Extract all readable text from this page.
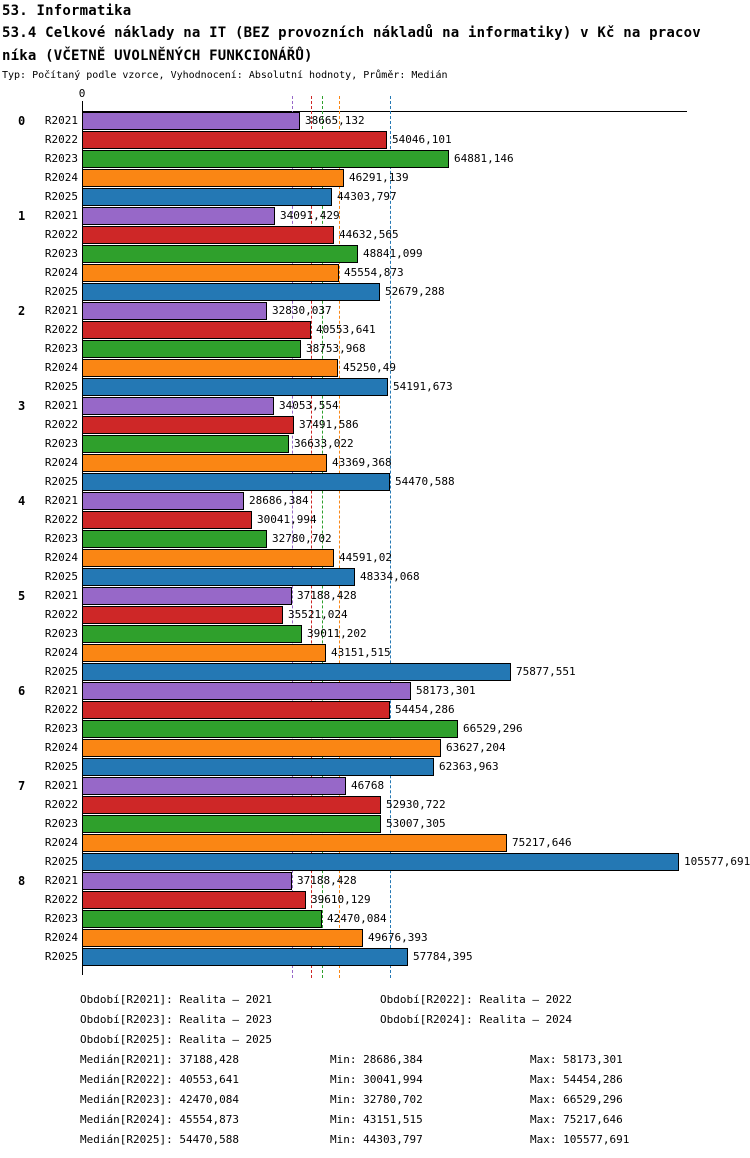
53. Informatika
53.4 Celkové náklady na IT (BEZ provozních nákladů na informatiky) v Kč na pracov
níka (VČETNĚ UVOLNĚNÝCH FUNKCIONÁŘŮ)
Typ: Počítaný podle vzorce, Vyhodnocení: Absolutní hodnoty, Průměr: Medián
0
0	R2021	38665,132
R2022	54046,101
R2023	64881,146
R2024	46291,139
R2025	44303,797
1	R2021	34091,429
R2022	44632,565
R2023	48841,099
R2024	45554,873
R2025	52679,288
2	R2021	32830,037
R2022	40553,641
R2023	38753,968
R2024	45250,49
R2025	54191,673
3	R2021	34053,554
R2022	37491,586
R2023	36633,022
R2024	43369,368
R2025	54470,588
4	R2021	28686,384
R2022	30041,994
R2023	32780,702
R2024	44591,02
R2025	48334,068
5	R2021	37188,428
R2022	35521,024
R2023	39011,202
R2024	43151,515
R2025	75877,551
6	R2021	58173,301
R2022	54454,286
R2023	66529,296
R2024	63627,204
R2025	62363,963
7	R2021	46768
R2022	52930,722
R2023	53007,305
R2024	75217,646
R2025	105577,691
8	R2021	37188,428
R2022	39610,129
R2023	42470,084
R2024	49676,393
R2025	57784,395
Období[R2021]: Realita – 2021	Období[R2022]: Realita – 2022
Období[R2023]: Realita – 2023	Období[R2024]: Realita – 2024
Období[R2025]: Realita – 2025
Medián[R2021]: 37188,428	Min: 28686,384	Max: 58173,301
Medián[R2022]: 40553,641	Min: 30041,994	Max: 54454,286
Medián[R2023]: 42470,084	Min: 32780,702	Max: 66529,296
Medián[R2024]: 45554,873	Min: 43151,515	Max: 75217,646
Medián[R2025]: 54470,588	Min: 44303,797	Max: 105577,691
